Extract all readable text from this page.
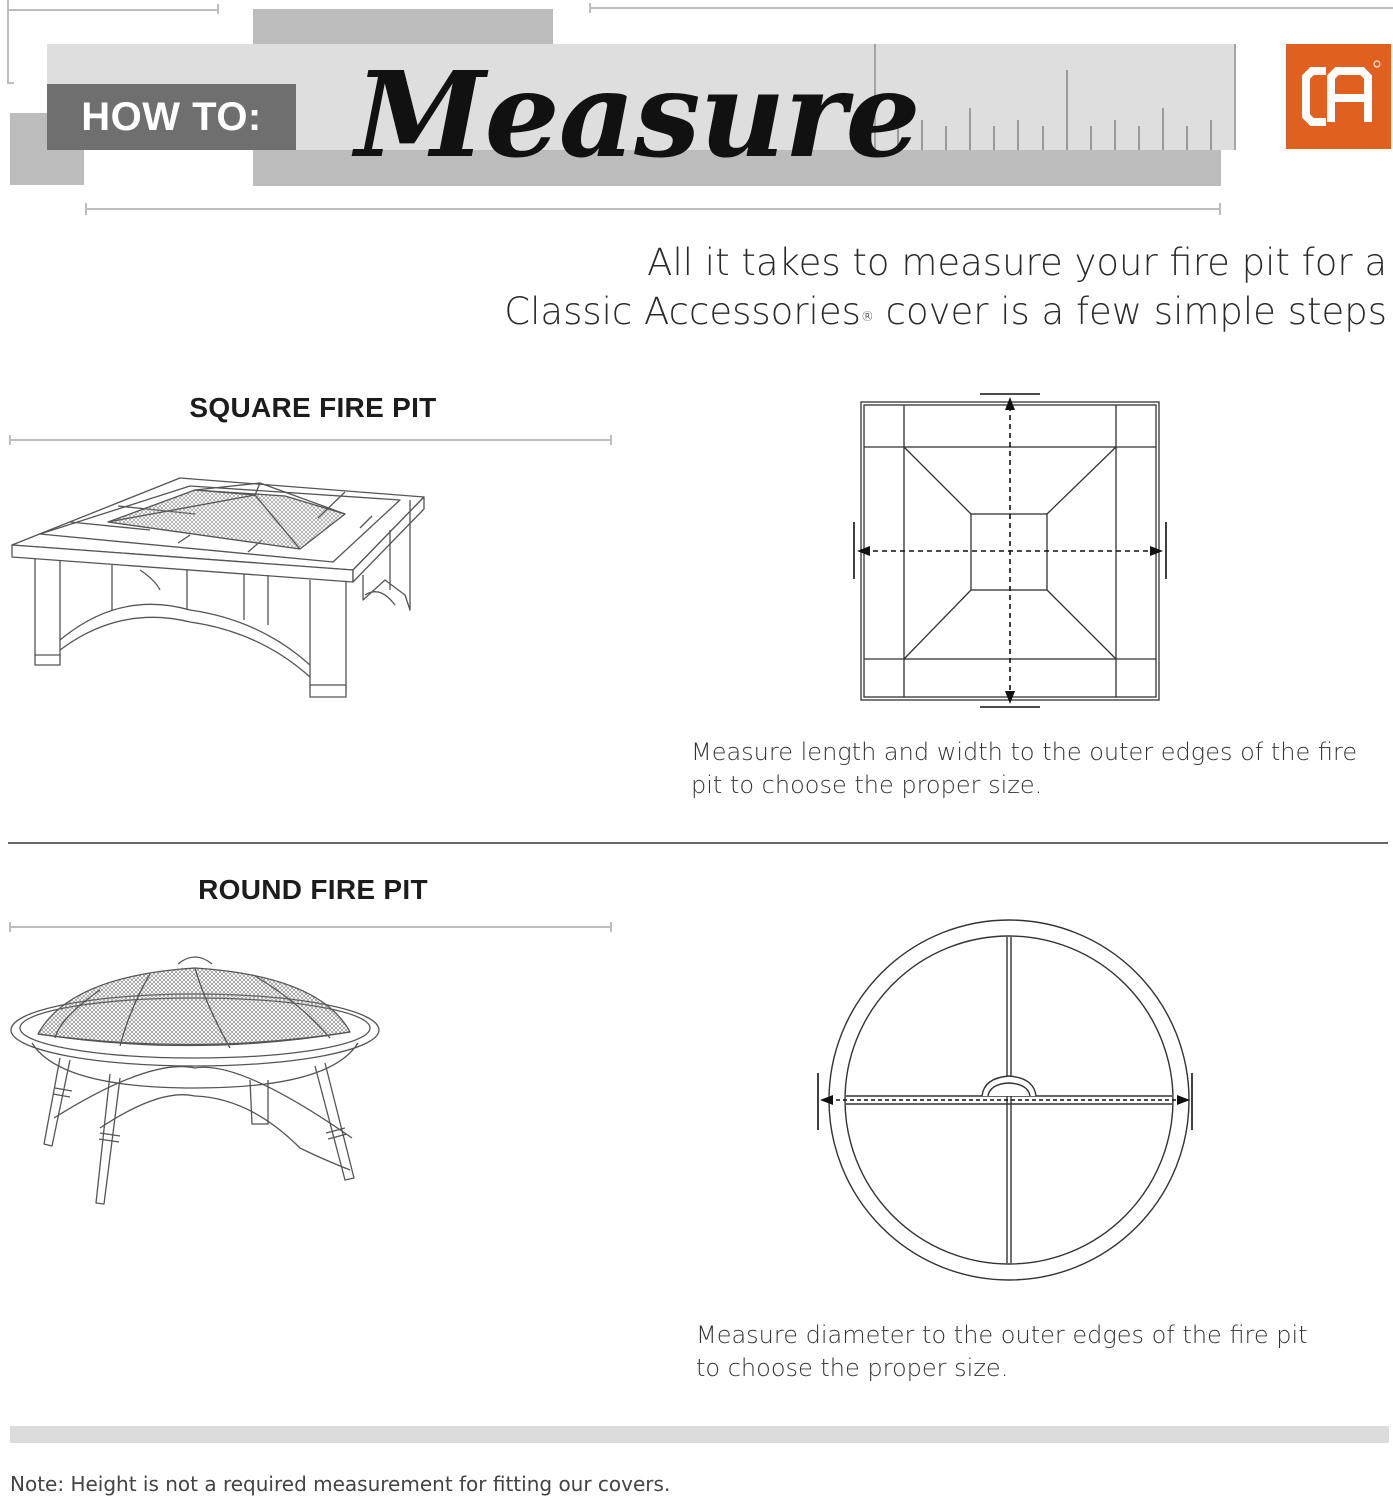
HOW TO: Measure
All it takes to measure your fire pit for a
Classic Accessories® cover is a few simple steps
SQUARE FIRE PIT
Measure length and width to the outer edges of the fire
pit to choose the proper size.
ROUND FIRE PIT
Measure diameter to the outer edges of the fire pit
to choose the proper size.
Note: Height is not a required measurement for fitting our covers.
